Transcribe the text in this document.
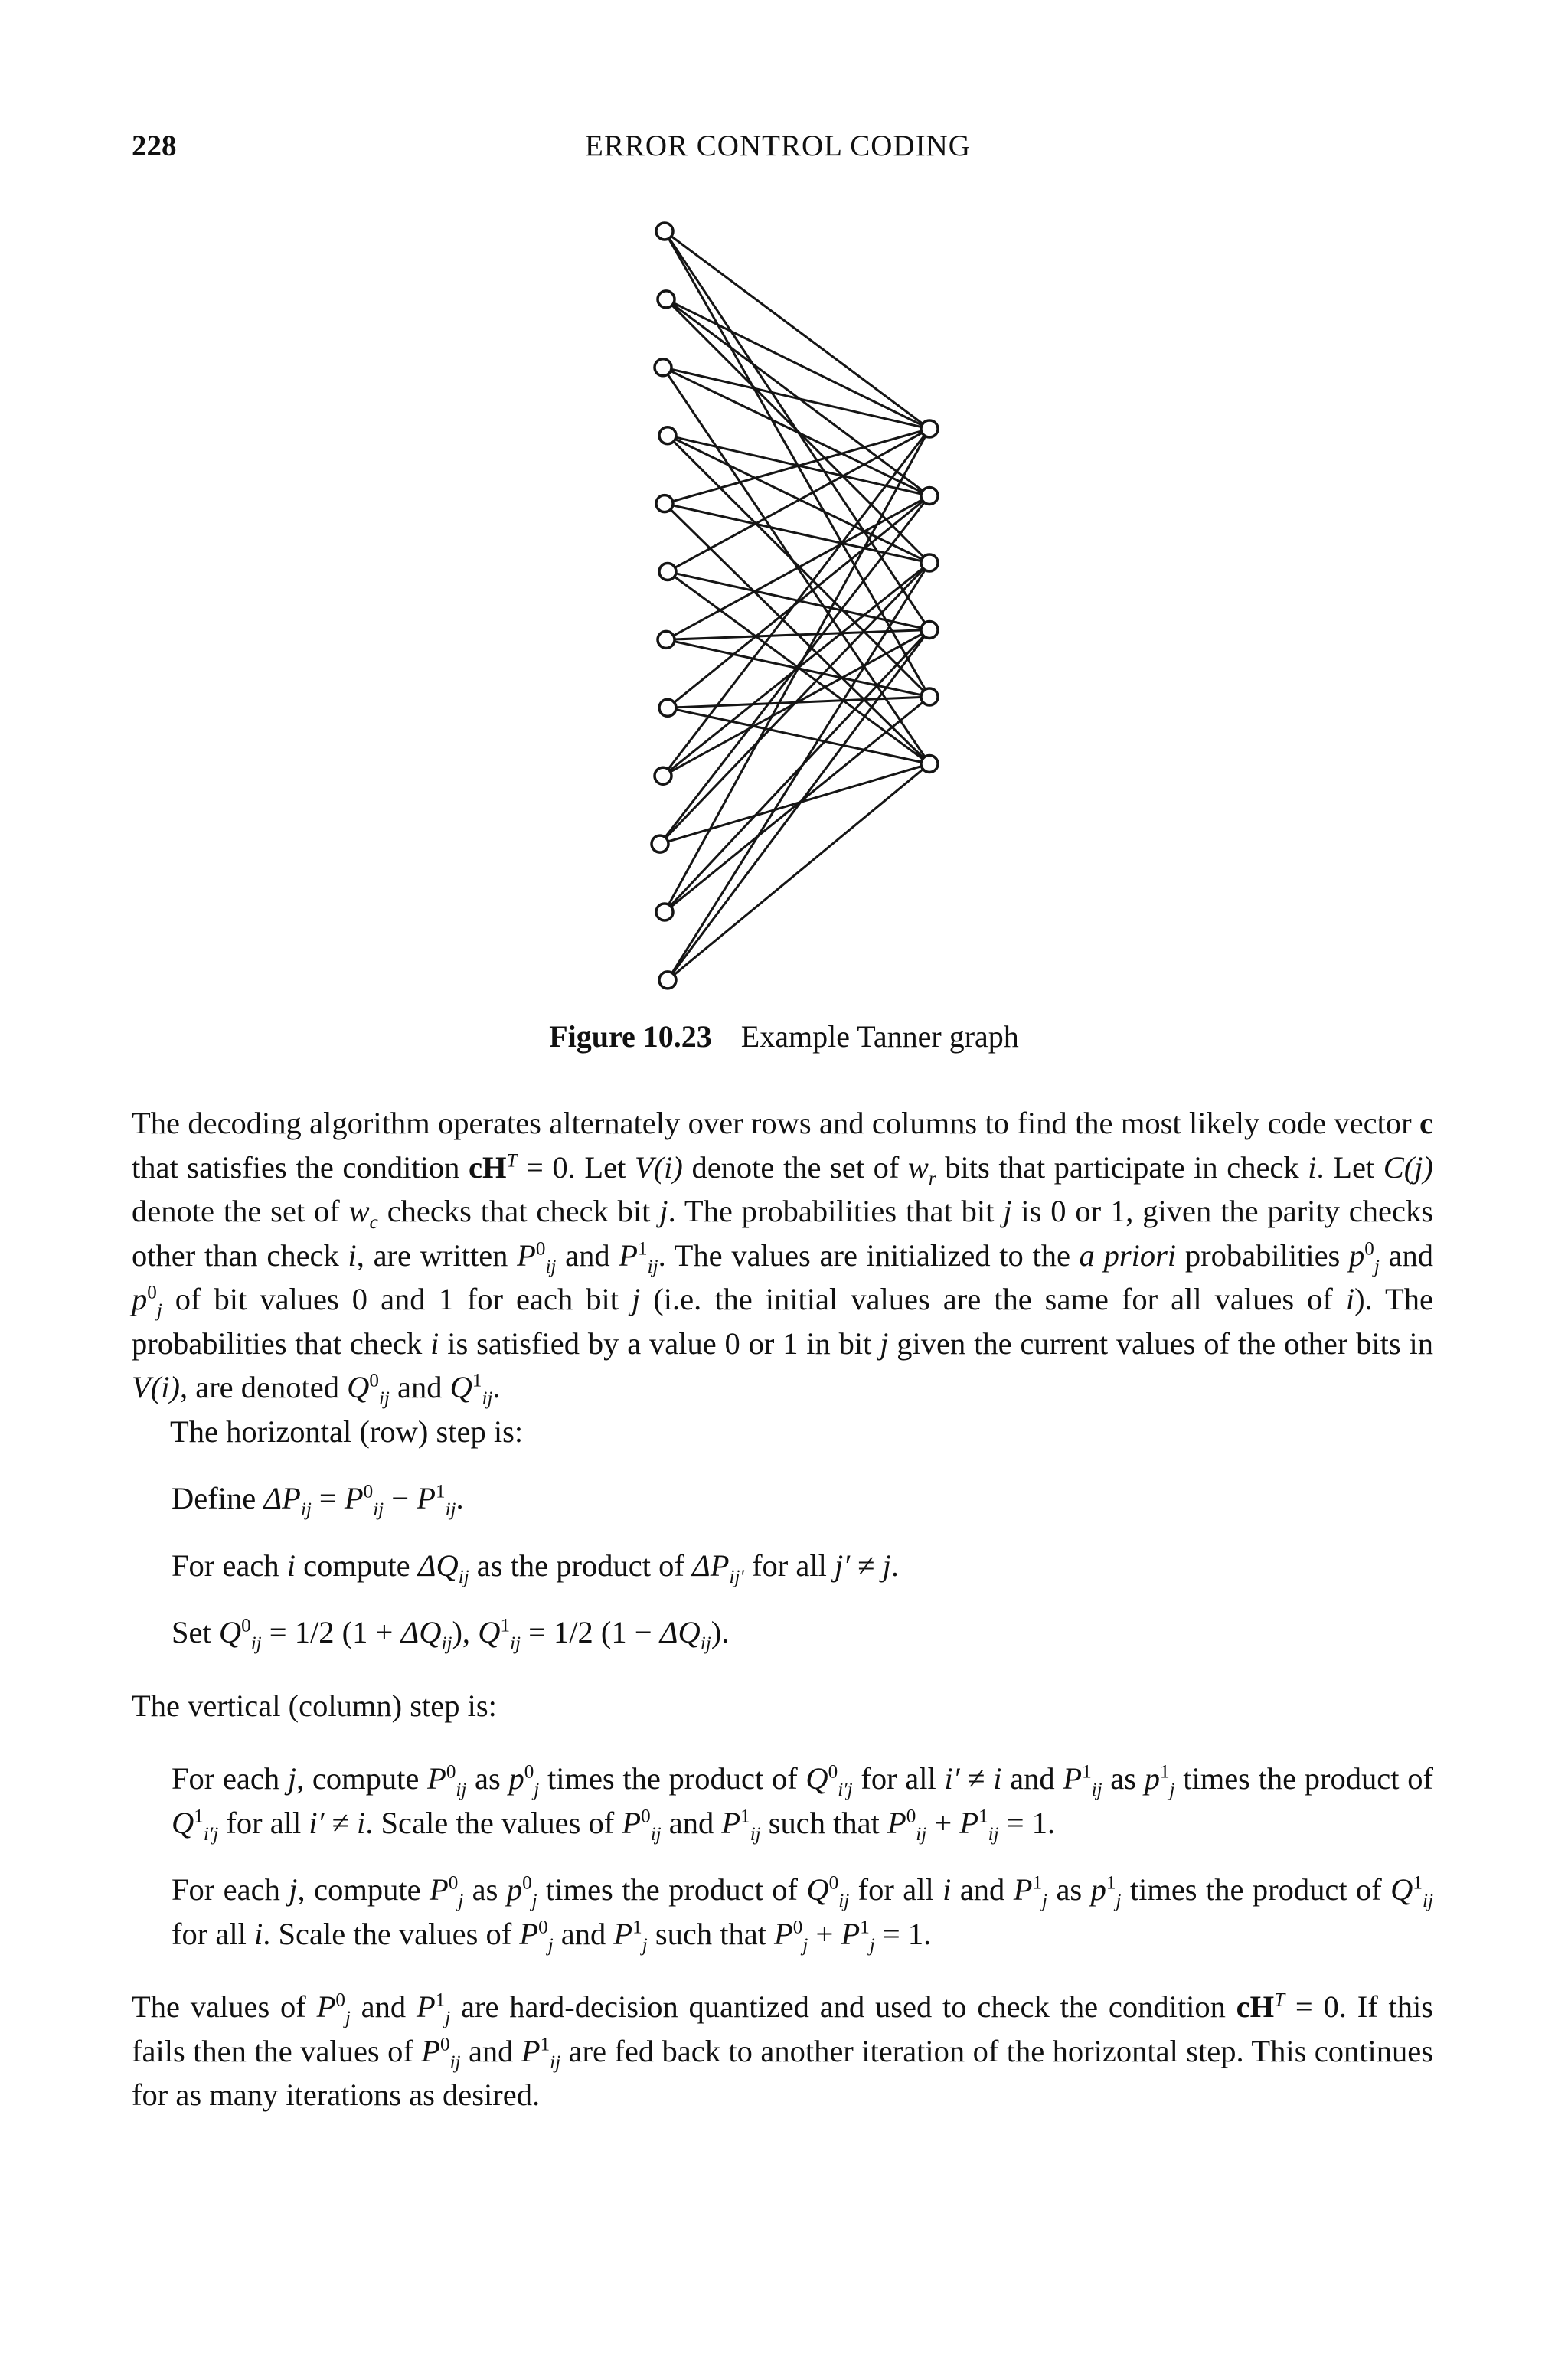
228	ERROR CONTROL CODING
Figure 10.23 Example Tanner graph

The decoding algorithm operates alternately over rows and columns to find the most likely code vector c that satisfies the condition $cH^T = 0$. Let V(i) denote the set of $w_r$ bits that participate in check i. Let C(j) denote the set of $w_c$ checks that check bit j. The probabilities that bit j is 0 or 1, given the parity checks other than check i, are written $P^0_{ij}$ and $P^1_{ij}$. The values are initialized to the a priori probabilities $p^0_j$ and $p^0_j$ of bit values 0 and 1 for each bit j (i.e. the initial values are the same for all values of i). The probabilities that check i is satisfied by a value 0 or 1 in bit j given the current values of the other bits in V(i), are denoted $Q^0_{ij}$ and $Q^1_{ij}$.

The horizontal (row) step is:

Define $\Delta P_{ij} = P^0_{ij} - P^1_{ij}$.

For each i compute $\Delta Q_{ij}$ as the product of $\Delta P_{ij'}$ for all j′ ≠ j.

Set $Q^0_{ij} = 1/2$ $(1 + \Delta Q_{ij})$, $Q^1_{ij} = 1/2$ $(1 - \Delta Q_{ij})$.

The vertical (column) step is:

For each j, compute $P^0_{ij}$ as $p^0_j$ times the product of $Q^0_{i'j}$ for all i′ ≠ i and $P^1_{ij}$ as $p^1_j$ times the product of $Q^1_{i'j}$ for all i′ ≠ i. Scale the values of $P^0_{ij}$ and $P^1_{ij}$ such that $P^0_{ij} + P^1_{ij} = 1$.

For each j, compute $P^0_j$ as $p^0_j$ times the product of $Q^0_{ij}$ for all i and $P^1_j$ as $p^1_j$ times the product of $Q^1_{ij}$ for all i. Scale the values of $P^0_j$ and $P^1_j$ such that $P^0_j + P^1_j = 1$.

The values of $P^0_j$ and $P^1_j$ are hard-decision quantized and used to check the condition $cH^T = 0$. If this fails then the values of $P^0_{ij}$ and $P^1_{ij}$ are fed back to another iteration of the horizontal step. This continues for as many iterations as desired.
